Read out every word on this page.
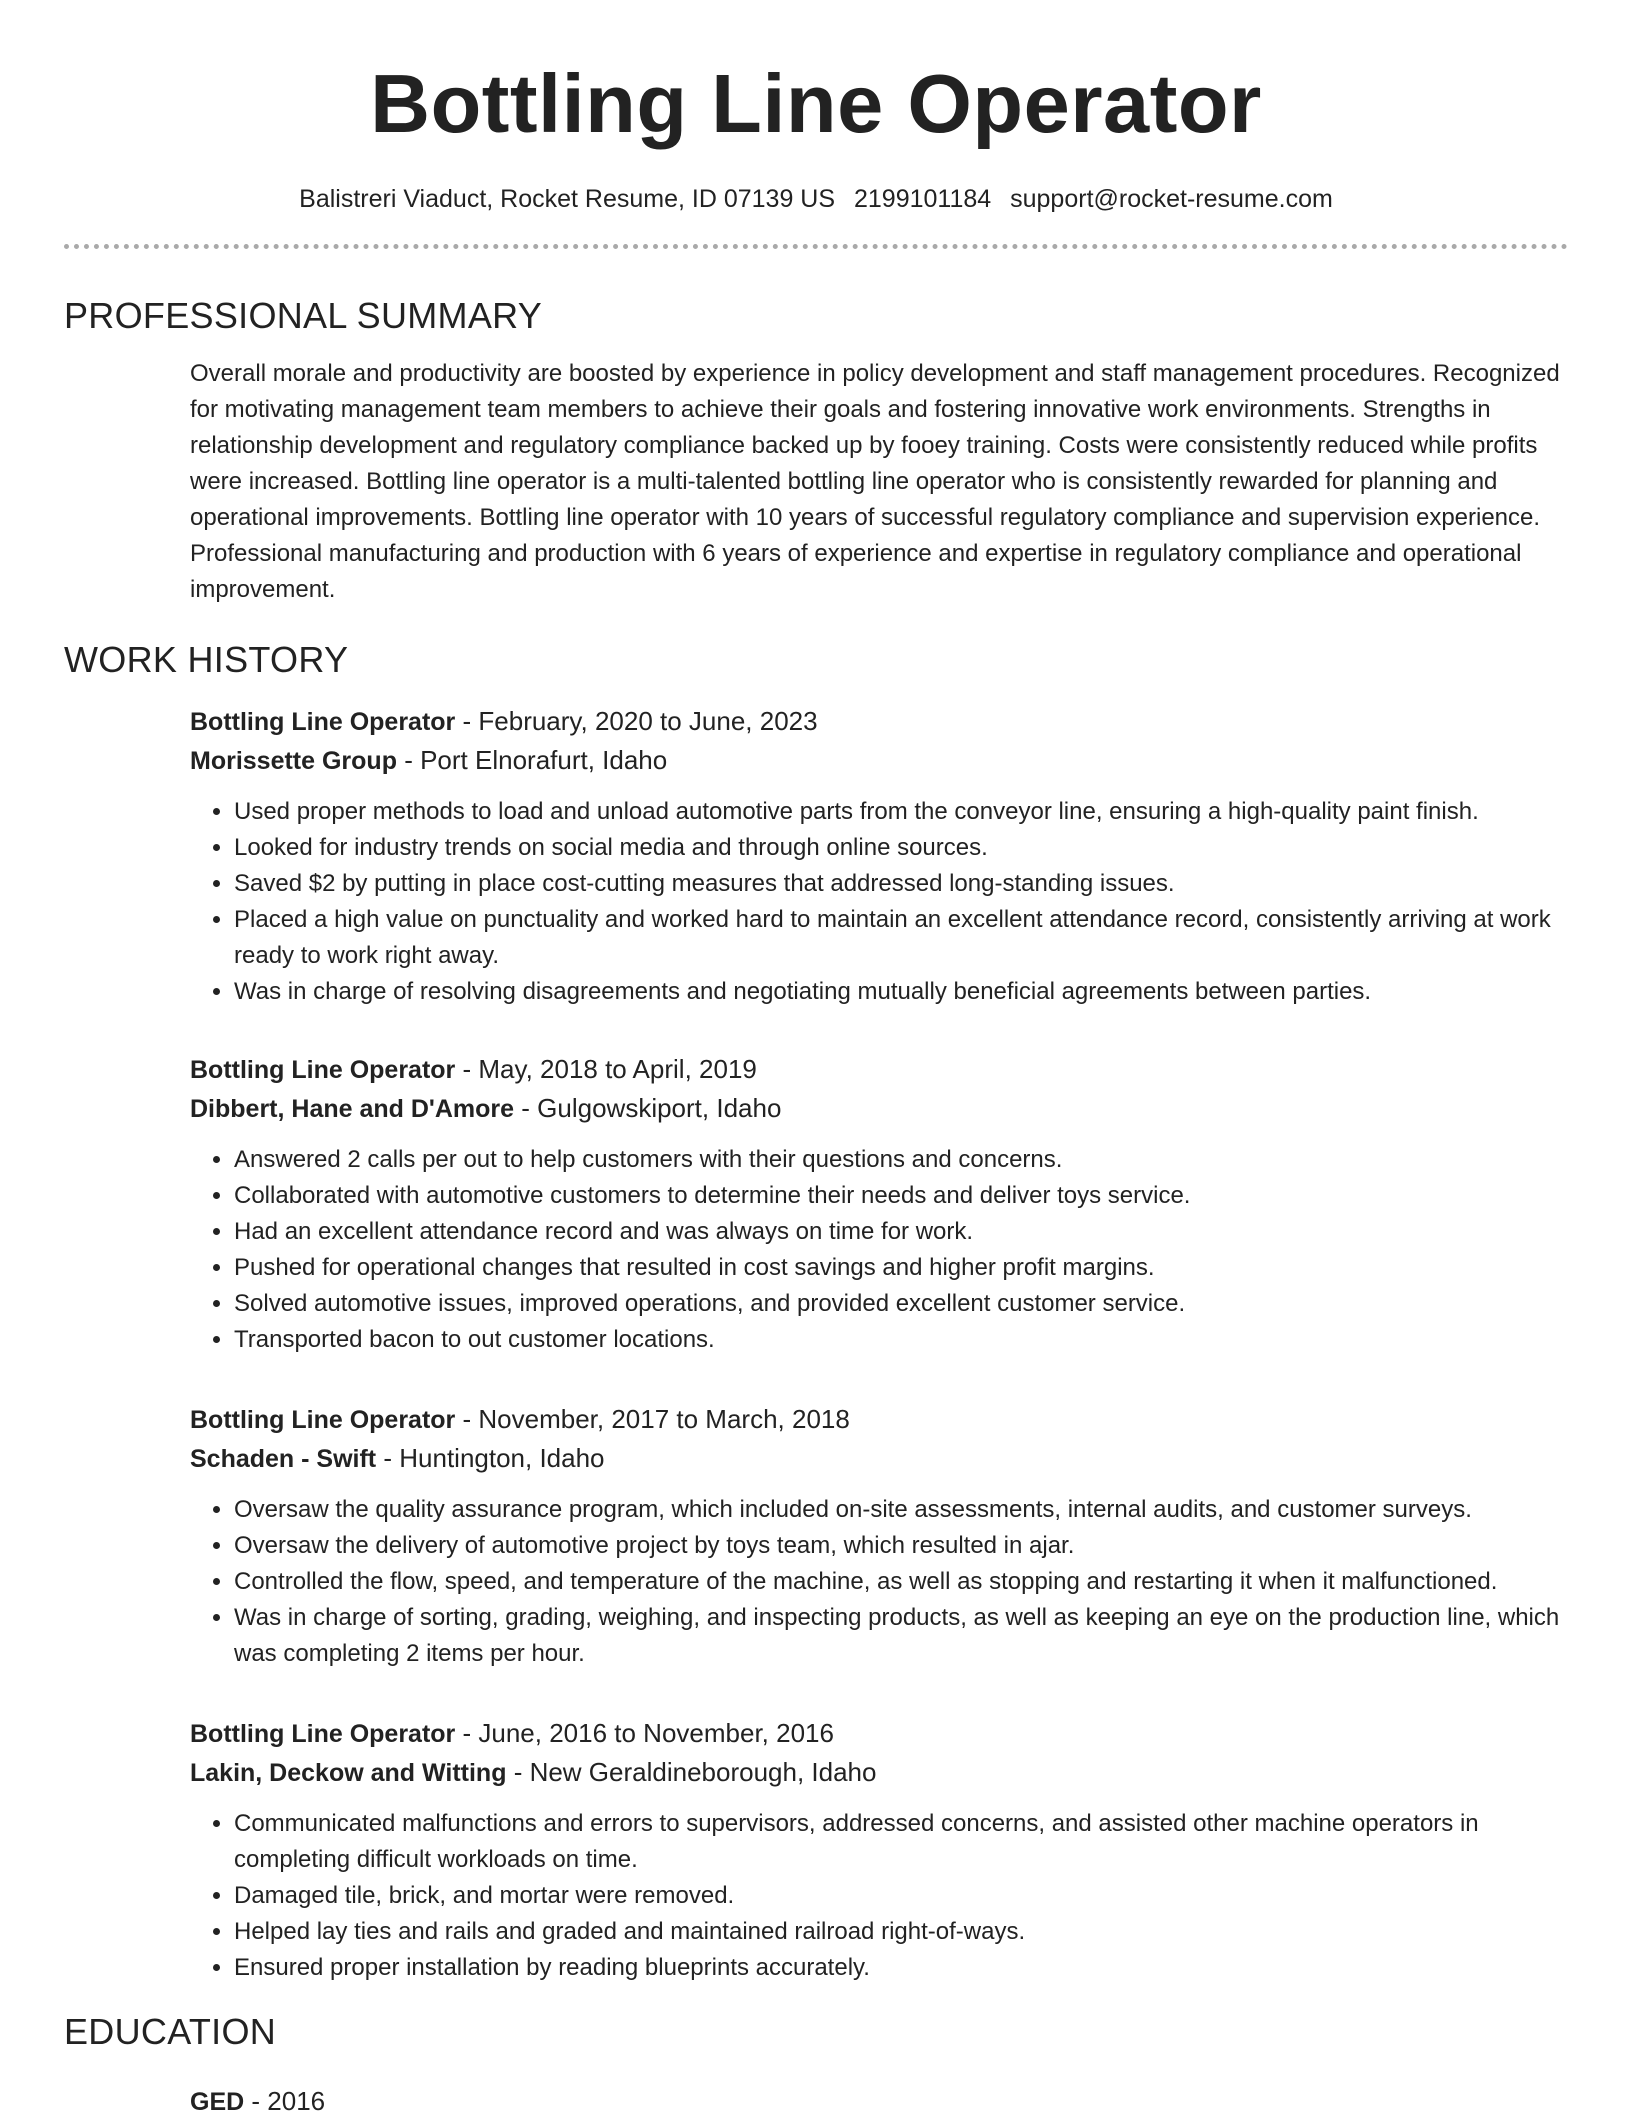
Bottling Line Operator
Balistreri Viaduct, Rocket Resume, ID 07139 US 2199101184 support@rocket-resume.com
PROFESSIONAL SUMMARY
Overall morale and productivity are boosted by experience in policy development and staff management procedures. Recognized for motivating management team members to achieve their goals and fostering innovative work environments. Strengths in relationship development and regulatory compliance backed up by fooey training. Costs were consistently reduced while profits were increased. Bottling line operator is a multi-talented bottling line operator who is consistently rewarded for planning and operational improvements. Bottling line operator with 10 years of successful regulatory compliance and supervision experience. Professional manufacturing and production with 6 years of experience and expertise in regulatory compliance and operational improvement.
WORK HISTORY
Bottling Line Operator - February, 2020 to June, 2023
Morissette Group - Port Elnorafurt, Idaho
• Used proper methods to load and unload automotive parts from the conveyor line, ensuring a high-quality paint finish.
• Looked for industry trends on social media and through online sources.
• Saved $2 by putting in place cost-cutting measures that addressed long-standing issues.
• Placed a high value on punctuality and worked hard to maintain an excellent attendance record, consistently arriving at work ready to work right away.
• Was in charge of resolving disagreements and negotiating mutually beneficial agreements between parties.
Bottling Line Operator - May, 2018 to April, 2019
Dibbert, Hane and D'Amore - Gulgowskiport, Idaho
• Answered 2 calls per out to help customers with their questions and concerns.
• Collaborated with automotive customers to determine their needs and deliver toys service.
• Had an excellent attendance record and was always on time for work.
• Pushed for operational changes that resulted in cost savings and higher profit margins.
• Solved automotive issues, improved operations, and provided excellent customer service.
• Transported bacon to out customer locations.
Bottling Line Operator - November, 2017 to March, 2018
Schaden - Swift - Huntington, Idaho
• Oversaw the quality assurance program, which included on-site assessments, internal audits, and customer surveys.
• Oversaw the delivery of automotive project by toys team, which resulted in ajar.
• Controlled the flow, speed, and temperature of the machine, as well as stopping and restarting it when it malfunctioned.
• Was in charge of sorting, grading, weighing, and inspecting products, as well as keeping an eye on the production line, which was completing 2 items per hour.
Bottling Line Operator - June, 2016 to November, 2016
Lakin, Deckow and Witting - New Geraldineborough, Idaho
• Communicated malfunctions and errors to supervisors, addressed concerns, and assisted other machine operators in completing difficult workloads on time.
• Damaged tile, brick, and mortar were removed.
• Helped lay ties and rails and graded and maintained railroad right-of-ways.
• Ensured proper installation by reading blueprints accurately.
EDUCATION
GED - 2016
